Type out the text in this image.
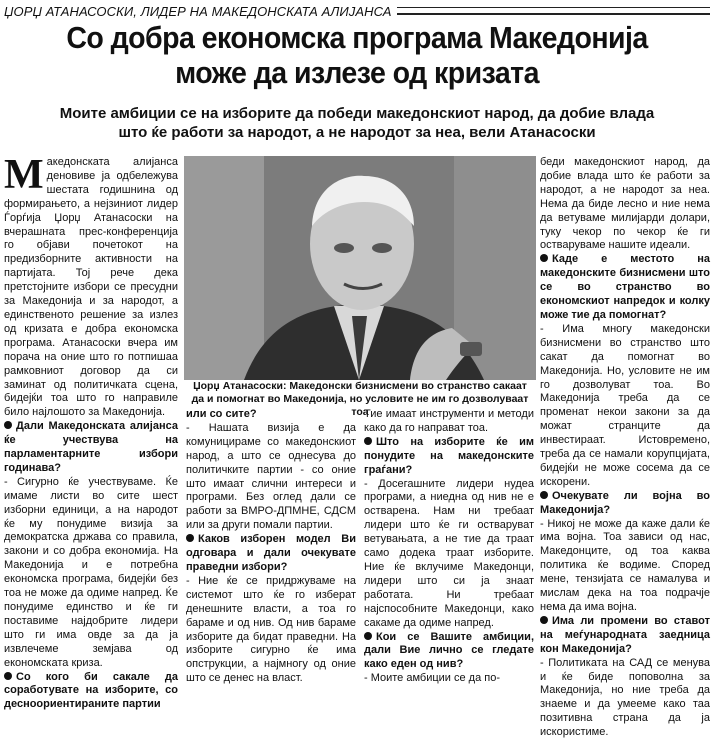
ЏОРЏ АТАНАСОСКИ, ЛИДЕР НА МАКЕДОНСКАТА АЛИЈАНСА
Со добра економска програма Македонија
може да излезе од кризата
Моите амбиции се на изборите да победи македонскиот народ, да добие влада
што ќе работи за народот, а не народот за неа, вели Атанасоски

Македонската алијанса деновиве ја одбележува шестата годишнина од формирањето, а нејзиниот лидер Ѓорѓија Џорџ Атанасоски на вчерашната прес-конференција го објави почетокот на предизборните активности на партијата. Тој рече дека претстојните избори се пресудни за Македонија и за народот, а единственото решение за излез од кризата е добра економска програма. Атанасоски вчера им порача на оние што го потпишаа рамковниот договор да си заминат од политичката сцена, бидејќи тоа што го направиле било најлошото за Македонија.

Дали Македонската алијанса ќе учествува на парламентарните избори годинава?

- Сигурно ќе учествуваме. Ќе имаме листи во сите шест изборни единици, а на народот ќе му понудиме визија за демократска држава со правила, закони и со добра економија. На Македонија и е потребна економска програма, бидејќи без тоа не може да одиме напред. Ќе понудиме единство и ќе ги поставиме најдобрите лидери што ги има овде за да ја извлечеме земјава од економската криза.

Со кого би сакале да соработувате на изборите, со десноориентираните партии

Џорџ Атанасоски: Македонски бизнисмени во странство сакаат да и помогнат во Македонија, но условите не им го дозволуваат тоа

или со сите?

- Нашата визија е да комуницираме со македонскиот народ, а што се однесува до политичките партии - со оние што имаат слични интереси и програми. Без оглед дали се работи за ВМРО-ДПМНЕ, СДСМ или за други помали партии.

Каков изборен модел Ви одговара и дали очекувате праведни избори?

- Ние ќе се придржуваме на системот што ќе го изберат денешните власти, а тоа го бараме и од нив. Од нив бараме изборите да бидат праведни. На изборите сигурно ќе има опструкции, а најмногу од оние што се денес на власт.

Тие имаат инструменти и методи како да го направат тоа.

Што на изборите ќе им понудите на македонските граѓани?

- Досегашните лидери нудеа програми, а ниедна од нив не е остварена. Нам ни требаат лидери што ќе ги остваруват ветувањата, а не тие да траат само додека траат изборите. Ние ќе вклучиме Македонци, лидери што си ја знаат работата. Ни требаат најспособните Македонци, како сакаме да одиме напред.

Кои се Вашите амбиции, дали Вие лично се гледате како еден од нив?

- Моите амбиции се да по-

беди македонскиот народ, да добие влада што ќе работи за народот, а не народот за неа. Нема да биде лесно и ние нема да ветуваме милијарди долари, туку чекор по чекор ќе ги остваруваме нашите идеали.

Каде е местото на македонските бизнисмени што се во странство во економскиот напредок и колку може тие да помогнат?

- Има многу македонски бизнисмени во странство што сакат да помогнат во Македонија. Но, условите не им го дозволуват тоа. Во Македонија треба да се променат некои закони за да можат странците да инвестираат. Истовремено, треба да се намали корупцијата, бидејќи не може сосема да се искорени.

Очекувате ли војна во Македонија?

- Никој не може да каже дали ќе има војна. Тоа зависи од нас, Македонците, од тоа каква политика ќе водиме. Според мене, тензијата се намалува и мислам дека на тоа подрачје нема да има војна.

Има ли промени во ставот на меѓународната заедница кон Македонија?

- Политиката на САД се менува и ќе биде поповолна за Македонија, но ние треба да знаеме и да умееме како таа позитивна страна да ја искористиме.
